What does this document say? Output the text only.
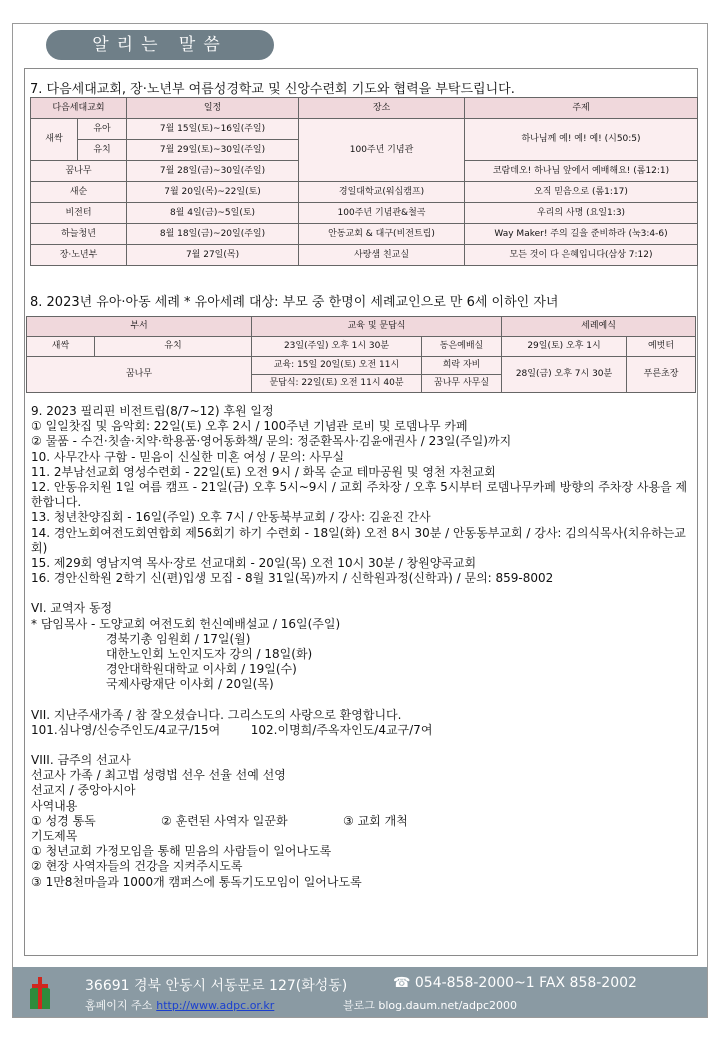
알리는 말씀
7. 다음세대교회, 장·노년부 여름성경학교 및 신앙수련회 기도와 협력을 부탁드립니다.
다음세대교회		일정	장소	주제
새싹	유아	7월 15일(토)~16일(주일)	100주년 기념관	하나님께 예! 예! 예! (시50:5)
	유치	7월 29일(토)~30일(주일)		
꿈나무		7월 28일(금)~30일(주일)		코람데오! 하나님 앞에서 예배해요! (롬12:1)
새순		7월 20일(목)~22일(토)	경일대학교(워십캠프)	오직 믿음으로 (롬1:17)
비전터		8월 4일(금)~5일(토)	100주년 기념관&철곡	우리의 사명 (요일1:3)
하늘청년		8월 18일(금)~20일(주일)	안동교회 & 대구(비전트립)	Way Maker! 주의 길을 준비하라 (눅3:4-6)
장·노년부		7월 27일(목)	사랑샘 친교실	모든 것이 다 은혜입니다(삼상 7:12)
8. 2023년 유아·아동 세례 * 유아세례 대상: 부모 중 한명이 세례교인으로 만 6세 이하인 자녀
부서		교육 및 문답식		세례예식	
새싹	유치	23일(주일) 오후 1시 30분	동은예배실	29일(토) 오후 1시	예벗터
꿈나무		교육: 15일 20일(토) 오전 11시	희락 자비	28일(금) 오후 7시 30분	푸른초장
		문답식: 22일(토) 오전 11시 40분	꿈나무 사무실		
9. 2023 필리핀 비전트립(8/7~12) 후원 일정
① 일일찻집 및 음악회: 22일(토) 오후 2시 / 100주년 기념관 로비 및 로뎀나무 카페
② 물품 - 수건·칫솔·치약·학용품·영어동화책/ 문의: 정준환목사·김윤애권사 / 23일(주일)까지
10. 사무간사 구함 - 믿음이 신실한 미혼 여성 / 문의: 사무실
11. 2부남선교회 영성수련회 - 22일(토) 오전 9시 / 화목 순교 테마공원 및 영천 자천교회
12. 안동유치원 1일 여름 캠프 - 21일(금) 오후 5시~9시 / 교회 주차장 / 오후 5시부터 로뎀나무카페 방향의 주차장 사용을 제한합니다.
13. 청년찬양집회 - 16일(주일) 오후 7시 / 안동북부교회 / 강사: 김윤진 간사
14. 경안노회여전도회연합회 제56회기 하기 수련회 - 18일(화) 오전 8시 30분 / 안동동부교회 / 강사: 김의식목사(치유하는교회)
15. 제29회 영남지역 목사·장로 선교대회 - 20일(목) 오전 10시 30분 / 창원양곡교회
16. 경안신학원 2학기 신(편)입생 모집 - 8월 31일(목)까지 / 신학원과정(신학과) / 문의: 859-8002
VI. 교역자 동정
* 담임목사 - 도양교회 여전도회 헌신예배설교 / 16일(주일)
경북기총 임원회 / 17일(월)
대한노인회 노인지도자 강의 / 18일(화)
경안대학원대학교 이사회 / 19일(수)
국제사랑재단 이사회 / 20일(목)
VII. 지난주새가족 / 참 잘오셨습니다. 그리스도의 사랑으로 환영합니다.
101.심나영/신승주인도/4교구/15여        102.이명희/주옥자인도/4교구/7여
VIII. 금주의 선교사
선교사 가족 / 최고법 성령법 선우 선율 선예 선영
선교지 / 중앙아시아
사역내용
① 성경 통독	② 훈련된 사역자 일꾼화	③ 교회 개척
기도제목
① 청년교회 가정모임을 통해 믿음의 사람들이 일어나도록
② 현장 사역자들의 건강을 지켜주시도록
③ 1만8천마을과 1000개 캠퍼스에 통독기도모임이 일어나도록
36691 경북 안동시 서동문로 127(화성동)	☎ 054-858-2000~1 FAX 858-2002
홈페이지 주소 http://www.adpc.or.kr	블로그 blog.daum.net/adpc2000
